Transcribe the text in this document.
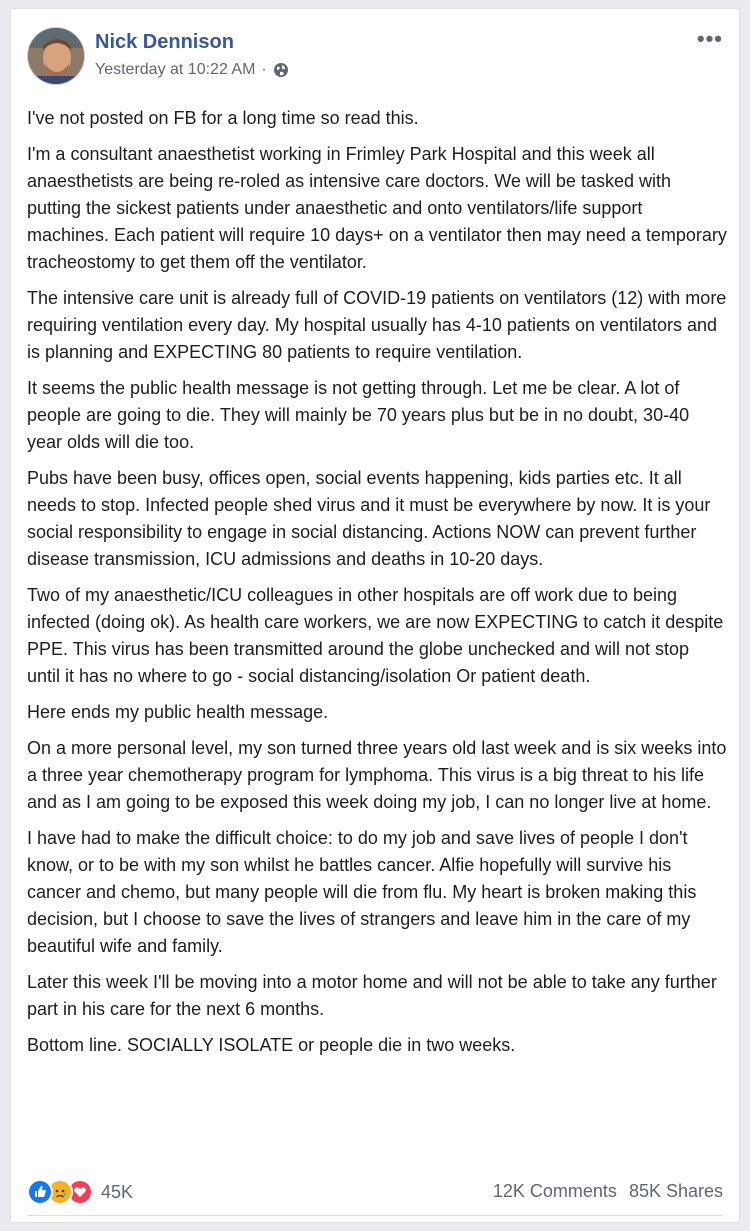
Nick Dennison
Yesterday at 10:22 AM ·
•••

I've not posted on FB for a long time so read this.

I'm a consultant anaesthetist working in Frimley Park Hospital and this week all anaesthetists are being re-roled as intensive care doctors. We will be tasked with putting the sickest patients under anaesthetic and onto ventilators/life support machines. Each patient will require 10 days+ on a ventilator then may need a temporary tracheostomy to get them off the ventilator.

The intensive care unit is already full of COVID-19 patients on ventilators (12) with more requiring ventilation every day. My hospital usually has 4-10 patients on ventilators and is planning and EXPECTING 80 patients to require ventilation.

It seems the public health message is not getting through. Let me be clear. A lot of people are going to die. They will mainly be 70 years plus but be in no doubt, 30-40 year olds will die too.

Pubs have been busy, offices open, social events happening, kids parties etc. It all needs to stop. Infected people shed virus and it must be everywhere by now. It is your social responsibility to engage in social distancing. Actions NOW can prevent further disease transmission, ICU admissions and deaths in 10-20 days.

Two of my anaesthetic/ICU colleagues in other hospitals are off work due to being infected (doing ok). As health care workers, we are now EXPECTING to catch it despite PPE. This virus has been transmitted around the globe unchecked and will not stop until it has no where to go - social distancing/isolation Or patient death.

Here ends my public health message.

On a more personal level, my son turned three years old last week and is six weeks into a three year chemotherapy program for lymphoma. This virus is a big threat to his life and as I am going to be exposed this week doing my job, I can no longer live at home.

I have had to make the difficult choice: to do my job and save lives of people I don't know, or to be with my son whilst he battles cancer. Alfie hopefully will survive his cancer and chemo, but many people will die from flu. My heart is broken making this decision, but I choose to save the lives of strangers and leave him in the care of my beautiful wife and family.

Later this week I'll be moving into a motor home and will not be able to take any further part in his care for the next 6 months.

Bottom line. SOCIALLY ISOLATE or people die in two weeks.

45K	12K Comments 85K Shares
